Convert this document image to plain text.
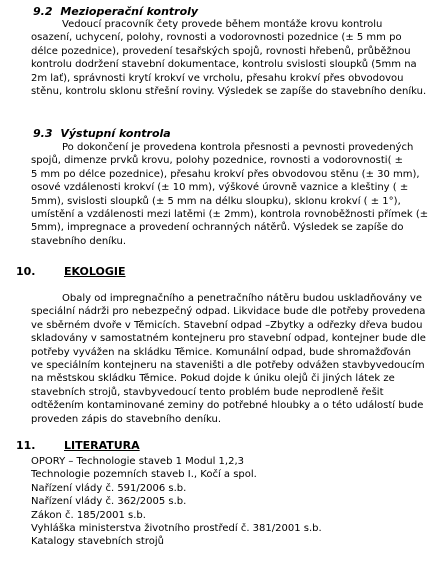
9.2 Mezioperační kontroly
Vedoucí pracovník čety provede během montáže krovu kontrolu
osazení, uchycení, polohy, rovnosti a vodorovnosti pozednice (± 5 mm po
délce pozednice), provedení tesařských spojů, rovnosti hřebenů, průběžnou
kontrolu dodržení stavební dokumentace, kontrolu svislosti sloupků (5mm na
2m lať), správnosti krytí krokví ve vrcholu, přesahu krokví přes obvodovou
stěnu, kontrolu sklonu střešní roviny. Výsledek se zapíše do stavebního deníku.
9.3 Výstupní kontrola
Po dokončení je provedena kontrola přesnosti a pevnosti provedených
spojů, dimenze prvků krovu, polohy pozednice, rovnosti a vodorovnosti( ±
5 mm po délce pozednice), přesahu krokví přes obvodovou stěnu (± 30 mm),
osové vzdálenosti krokví (± 10 mm), výškové úrovně vaznice a kleštiny ( ±
5mm), svislosti sloupků (± 5 mm na délku sloupku), sklonu krokví ( ± 1°),
umístění a vzdálenosti mezi latěmi (± 2mm), kontrola rovnoběžnosti přímek (±
5mm), impregnace a provedení ochranných nátěrů. Výsledek se zapíše do
stavebního deníku.
10.	EKOLOGIE
Obaly od impregnačního a penetračního nátěru budou uskladňovány ve
speciální nádrži pro nebezpečný odpad. Likvidace bude dle potřeby provedena
ve sběrném dvoře v Těmicích. Stavební odpad –Zbytky a odřezky dřeva budou
skladovány v samostatném kontejneru pro stavební odpad, kontejner bude dle
potřeby vyvážen na skládku Těmice. Komunální odpad, bude shromažďován
ve speciálním kontejneru na staveništi a dle potřeby odvážen stavbyvedoucím
na městskou skládku Těmice. Pokud dojde k úniku olejů či jiných látek ze
stavebních strojů, stavbyvedoucí tento problém bude neprodleně řešit
odtěžením kontaminované zeminy do potřebné hloubky a o této událostí bude
proveden zápis do stavebního deníku.
11.	LITERATURA
OPORY – Technologie staveb 1 Modul 1,2,3
Technologie pozemních staveb I., Kočí a spol.
Nařízení vlády č. 591/2006 s.b.
Nařízení vlády č. 362/2005 s.b.
Zákon č. 185/2001 s.b.
Vyhláška ministerstva životního prostředí č. 381/2001 s.b.
Katalogy stavebních strojů
